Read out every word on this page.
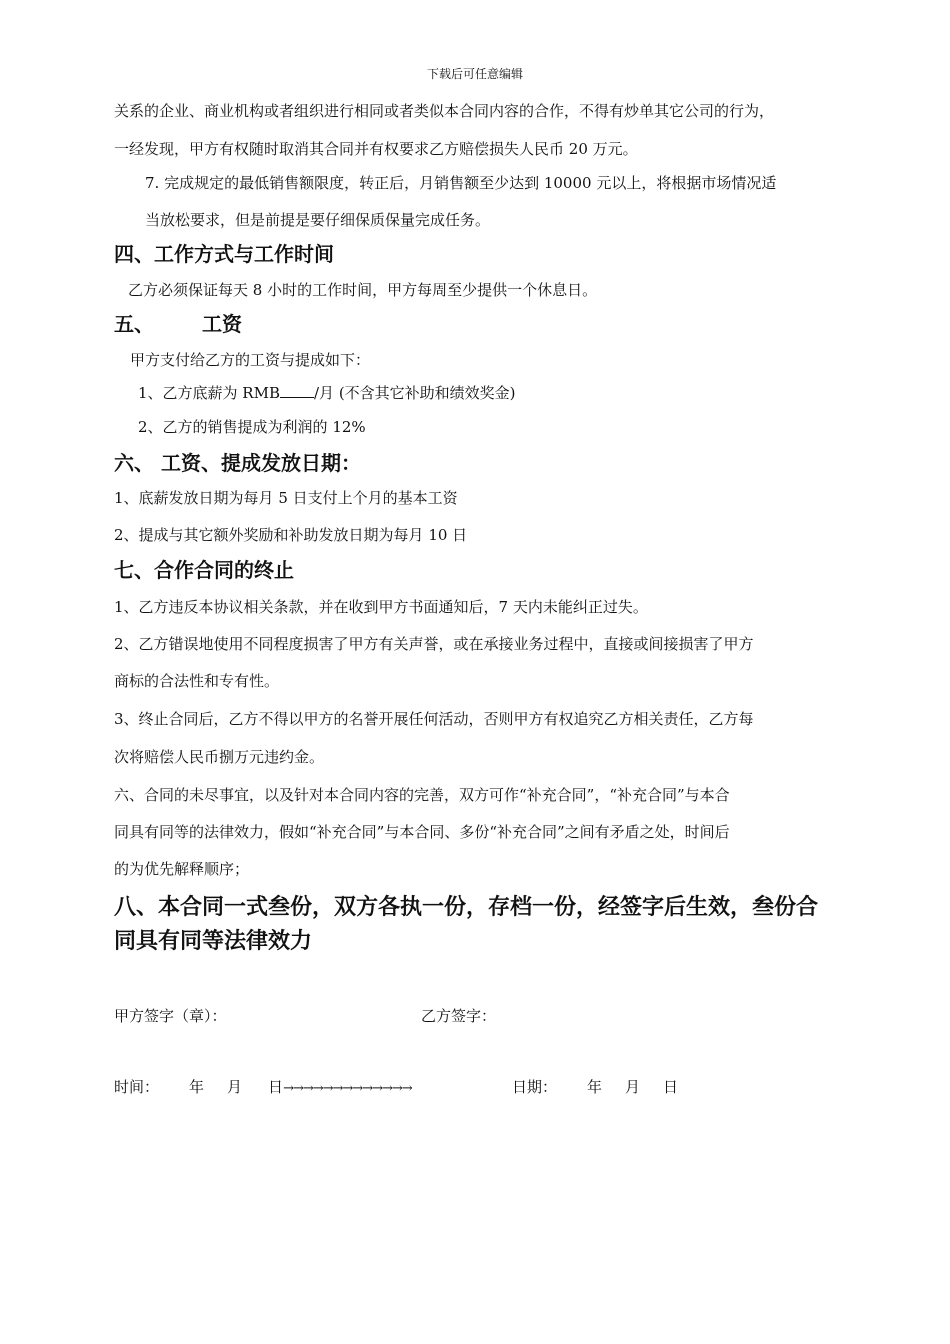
下载后可任意编辑
关系的企业、商业机构或者组织进行相同或者类似本合同内容的合作，不得有炒单其它公司的行为，
一经发现，甲方有权随时取消其合同并有权要求乙方赔偿损失人民币 20 万元。
7. 完成规定的最低销售额限度，转正后，月销售额至少达到 10000 元以上，将根据市场情况适
当放松要求，但是前提是要仔细保质保量完成任务。
四、工作方式与工作时间
乙方必须保证每天 8 小时的工作时间，甲方每周至少提供一个休息日。
五、 工资
甲方支付给乙方的工资与提成如下：
1、乙方底薪为 RMB /月 (不含其它补助和绩效奖金)
2、乙方的销售提成为利润的 12%
六、 工资、提成发放日期：
1、底薪发放日期为每月 5 日支付上个月的基本工资
2、提成与其它额外奖励和补助发放日期为每月 10 日
七、合作合同的终止
1、乙方违反本协议相关条款，并在收到甲方书面通知后，7 天内未能纠正过失。
2、乙方错误地使用不同程度损害了甲方有关声誉，或在承接业务过程中，直接或间接损害了甲方
商标的合法性和专有性。
3、终止合同后，乙方不得以甲方的名誉开展任何活动，否则甲方有权追究乙方相关责任，乙方每
次将赔偿人民币捌万元违约金。
六、合同的未尽事宜，以及针对本合同内容的完善，双方可作“补充合同”，“补充合同”与本合
同具有同等的法律效力，假如“补充合同”与本合同、多份“补充合同”之间有矛盾之处，时间后
的为优先解释顺序；
八、本合同一式叁份，双方各执一份，存档一份，经签字后生效，叁份合
同具有同等法律效力
甲方签字（章）：	乙方签字：
时间： 年 月 日→→→→→→→→→→→→→	日期： 年 月 日
